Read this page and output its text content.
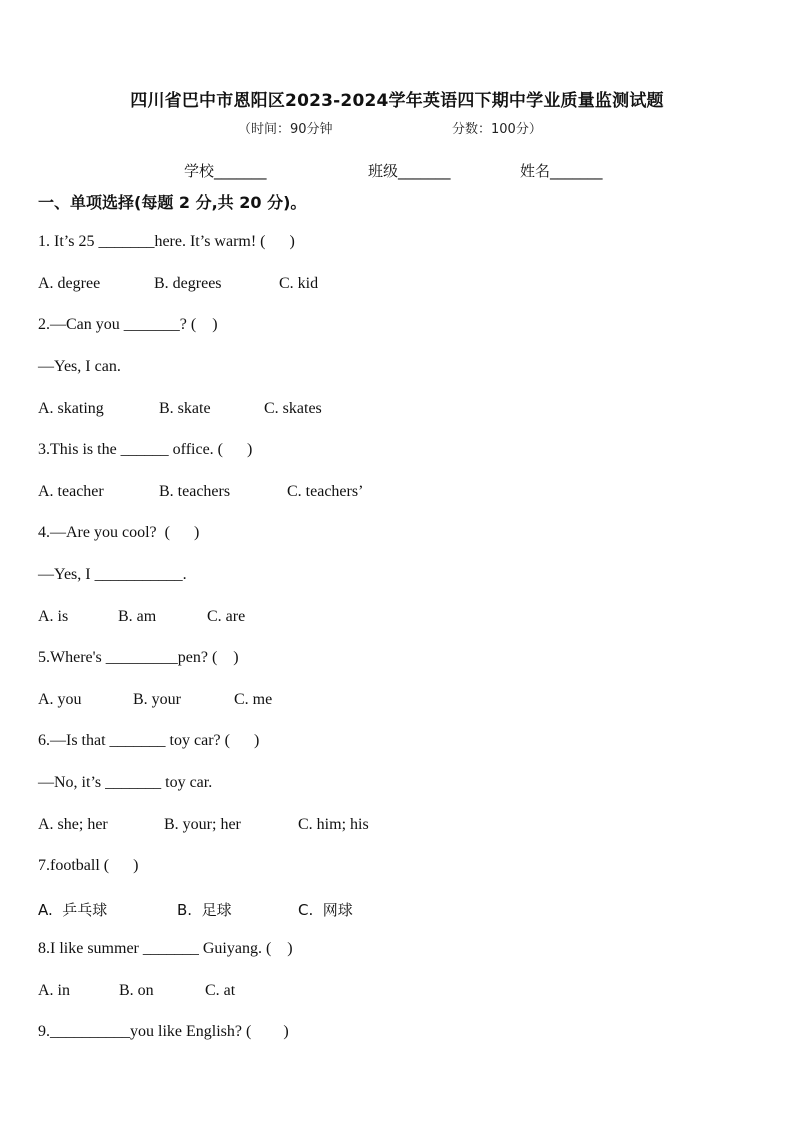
四川省巴中市恩阳区2023-2024学年英语四下期中学业质量监测试题
（时间：90分钟	分数：100分）
学校_______	班级_______	姓名_______
一、单项选择(每题 2 分,共 20 分)。
1. It’s 25 _______here. It’s warm! (      )
A. degree	B. degrees	C. kid
2.—Can you _______? (    )
—Yes, I can.
A. skating	B. skate	C. skates
3.This is the ______ office. (      )
A. teacher	B. teachers	C. teachers’
4.—Are you cool?  (      )
—Yes, I ___________.
A. is	B. am	C. are
5.Where's _________pen? (    )
A. you	B. your	C. me
6.—Is that _______ toy car? (      )
—No, it’s _______ toy car.
A. she; her	B. your; her	C. him; his
7.football (      )
A.  乒乓球	B.  足球	C.  网球
8.I like summer _______ Guiyang. (    )
A. in	B. on	C. at
9.__________you like English? (        )
